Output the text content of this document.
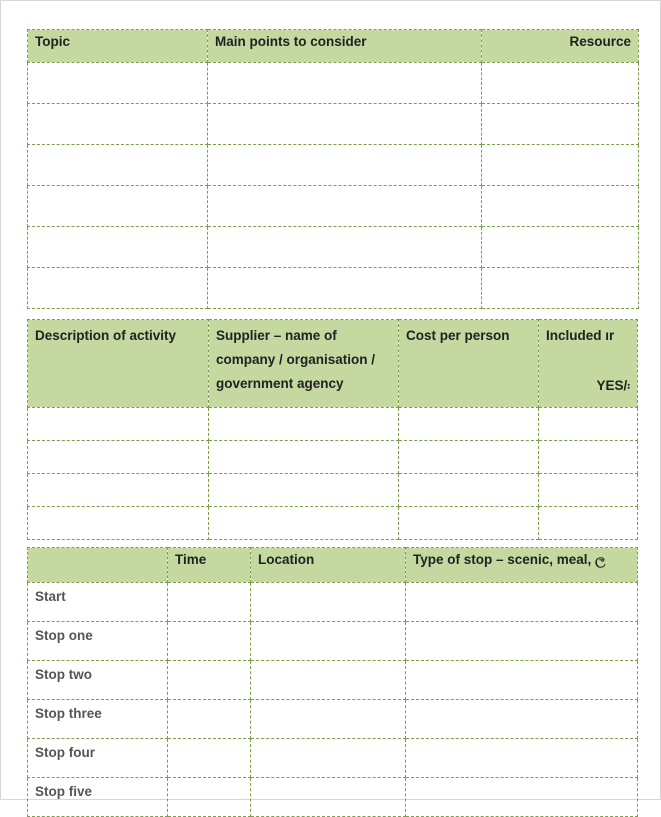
Topic	Main points to consider	Resource

Description of activity	Supplier – name of company / organisation / government agency	Cost per person	Included ır
YES/܃

	Time	Location	Type of stop – scenic, meal, ල
Start			
Stop one			
Stop two			
Stop three			
Stop four			
Stop five			
